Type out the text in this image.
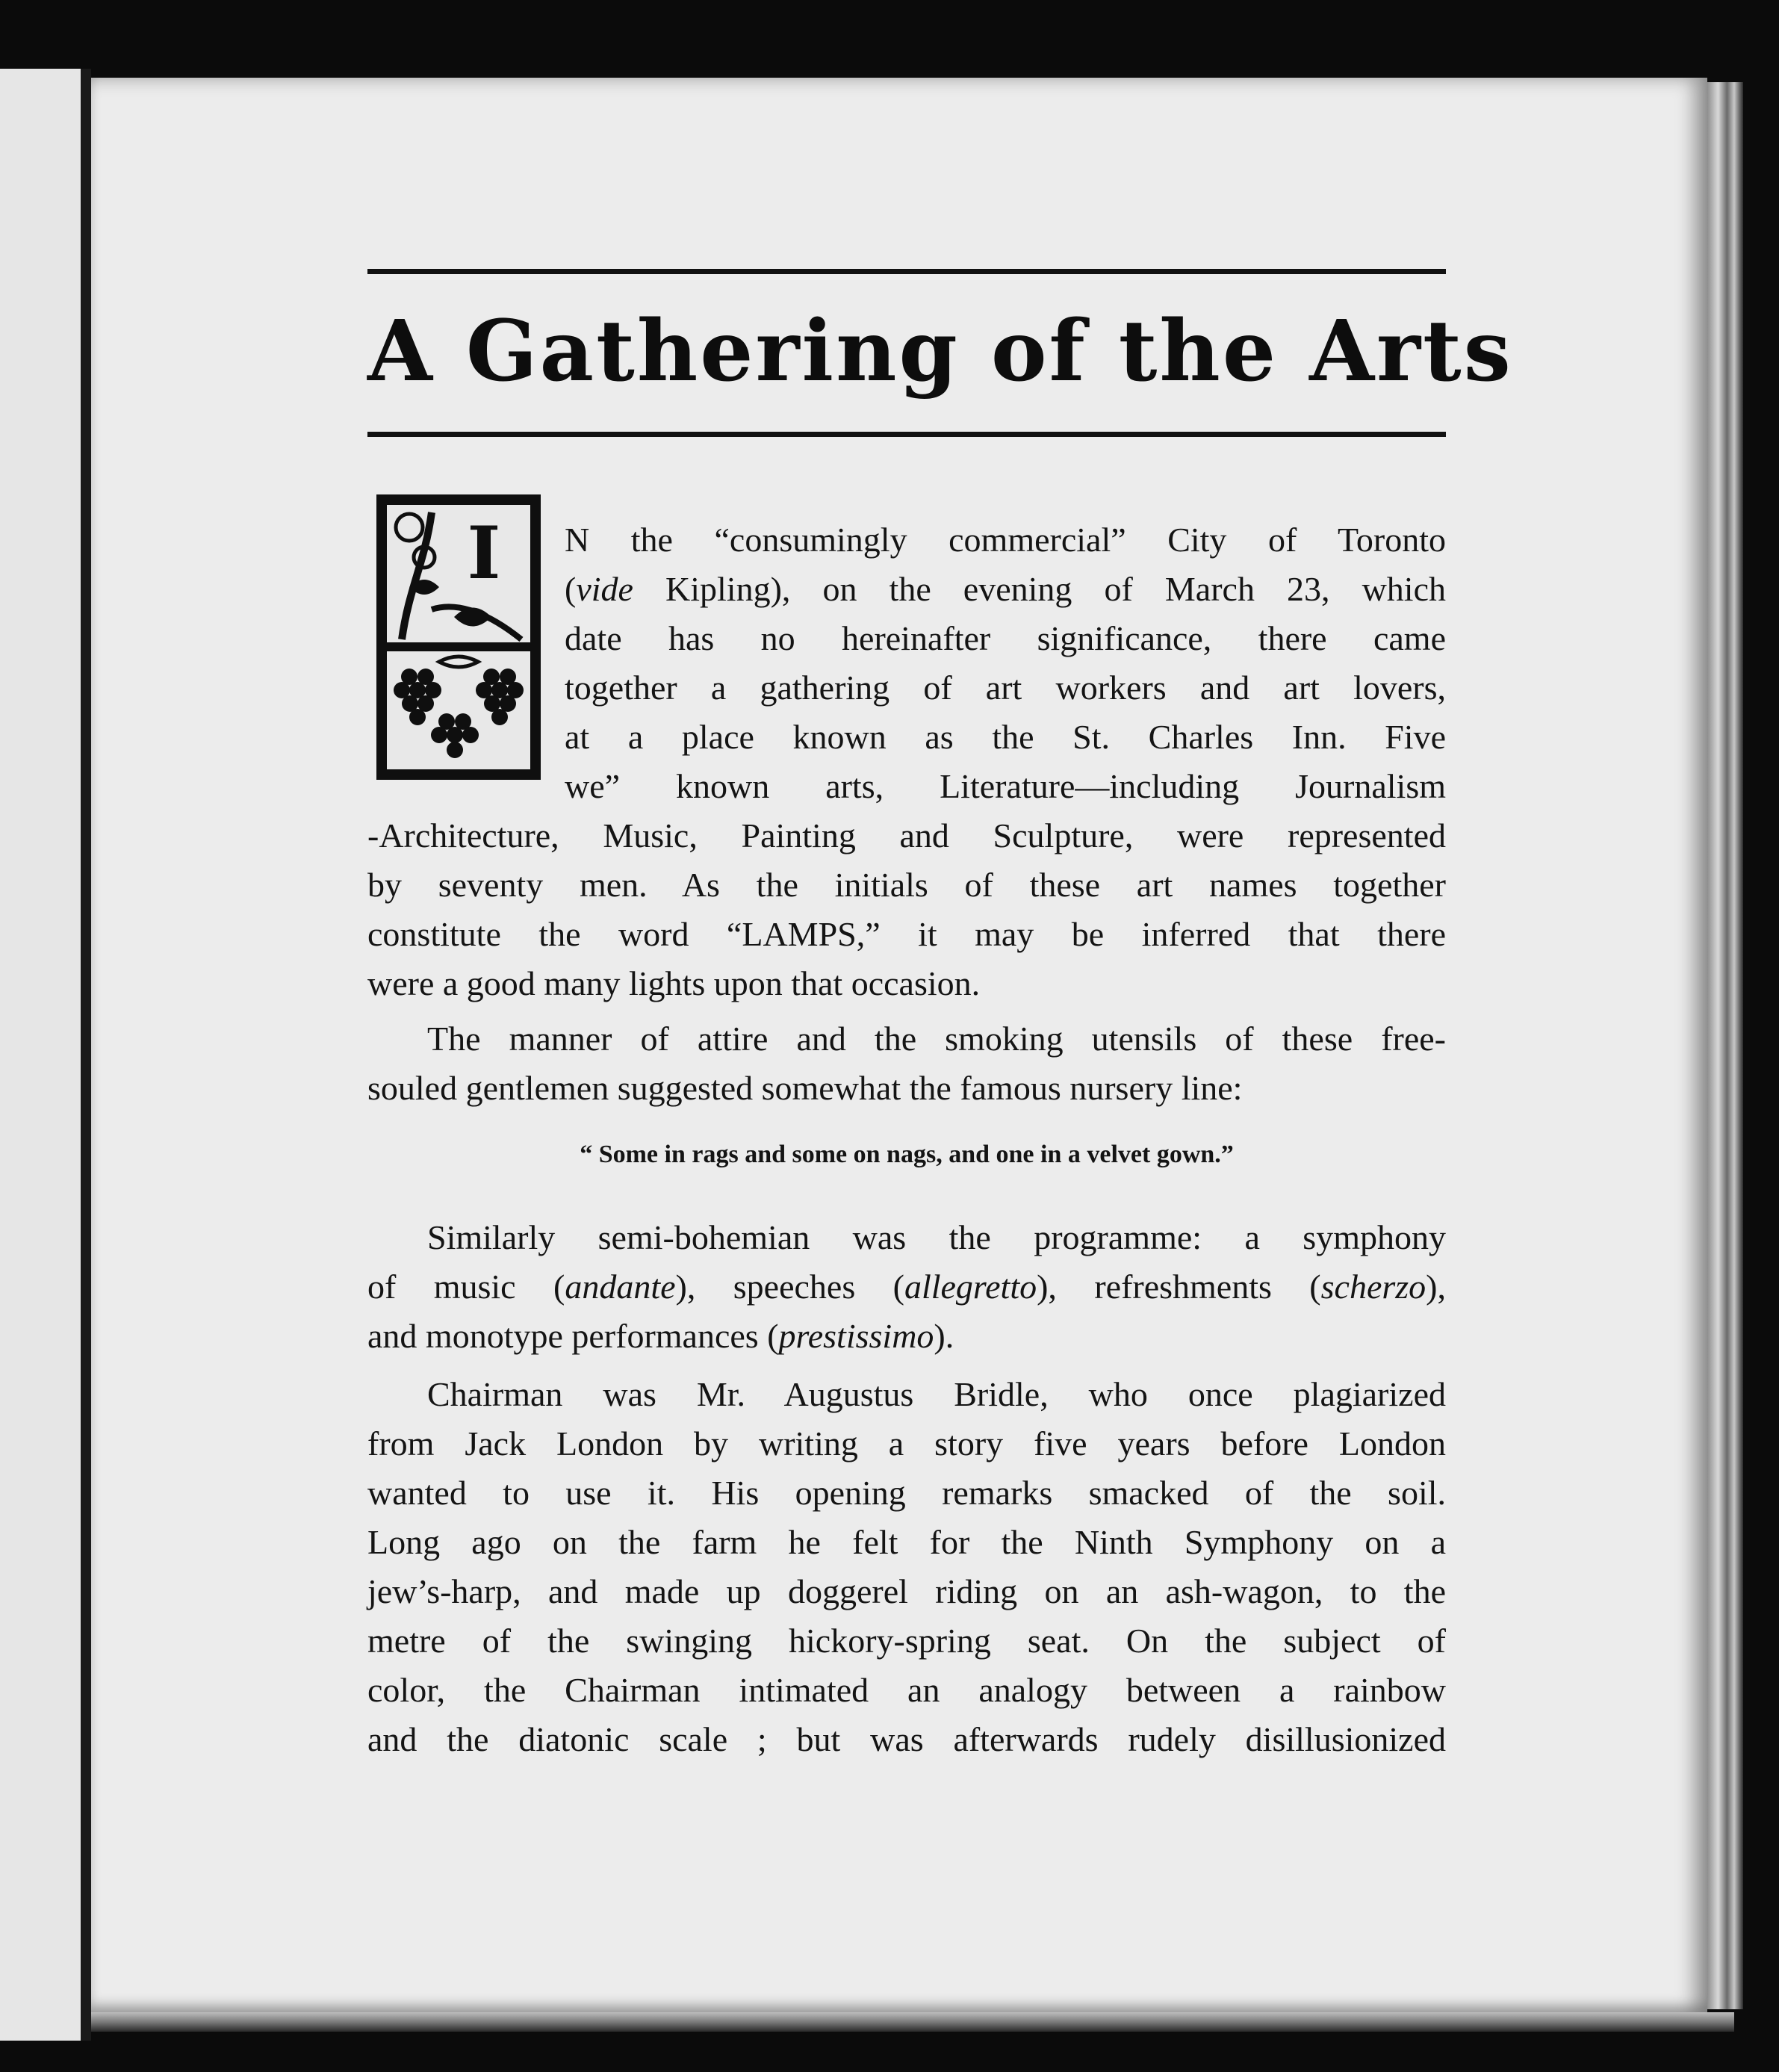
A Gathering of the Arts
I N the “consumingly commercial” City of Toronto
(vide Kipling), on the evening of March 23, which
date has no hereinafter significance, there came
together a gathering of art workers and art lovers,
at a place known as the St. Charles Inn. Five
we” known arts, Literature—including Journalism
-Architecture, Music, Painting and Sculpture, were represented
by seventy men. As the initials of these art names together
constitute the word “LAMPS,” it may be inferred that there
were a good many lights upon that occasion.
The manner of attire and the smoking utensils of these free-
souled gentlemen suggested somewhat the famous nursery line:
“ Some in rags and some on nags, and one in a velvet gown.”
Similarly semi-bohemian was the programme: a symphony
of music (andante), speeches (allegretto), refreshments (scherzo),
and monotype performances (prestissimo).
Chairman was Mr. Augustus Bridle, who once plagiarized
from Jack London by writing a story five years before London
wanted to use it. His opening remarks smacked of the soil.
Long ago on the farm he felt for the Ninth Symphony on a
jew’s-harp, and made up doggerel riding on an ash-wagon, to the
metre of the swinging hickory-spring seat. On the subject of
color, the Chairman intimated an analogy between a rainbow
and the diatonic scale ; but was afterwards rudely disillusionized
